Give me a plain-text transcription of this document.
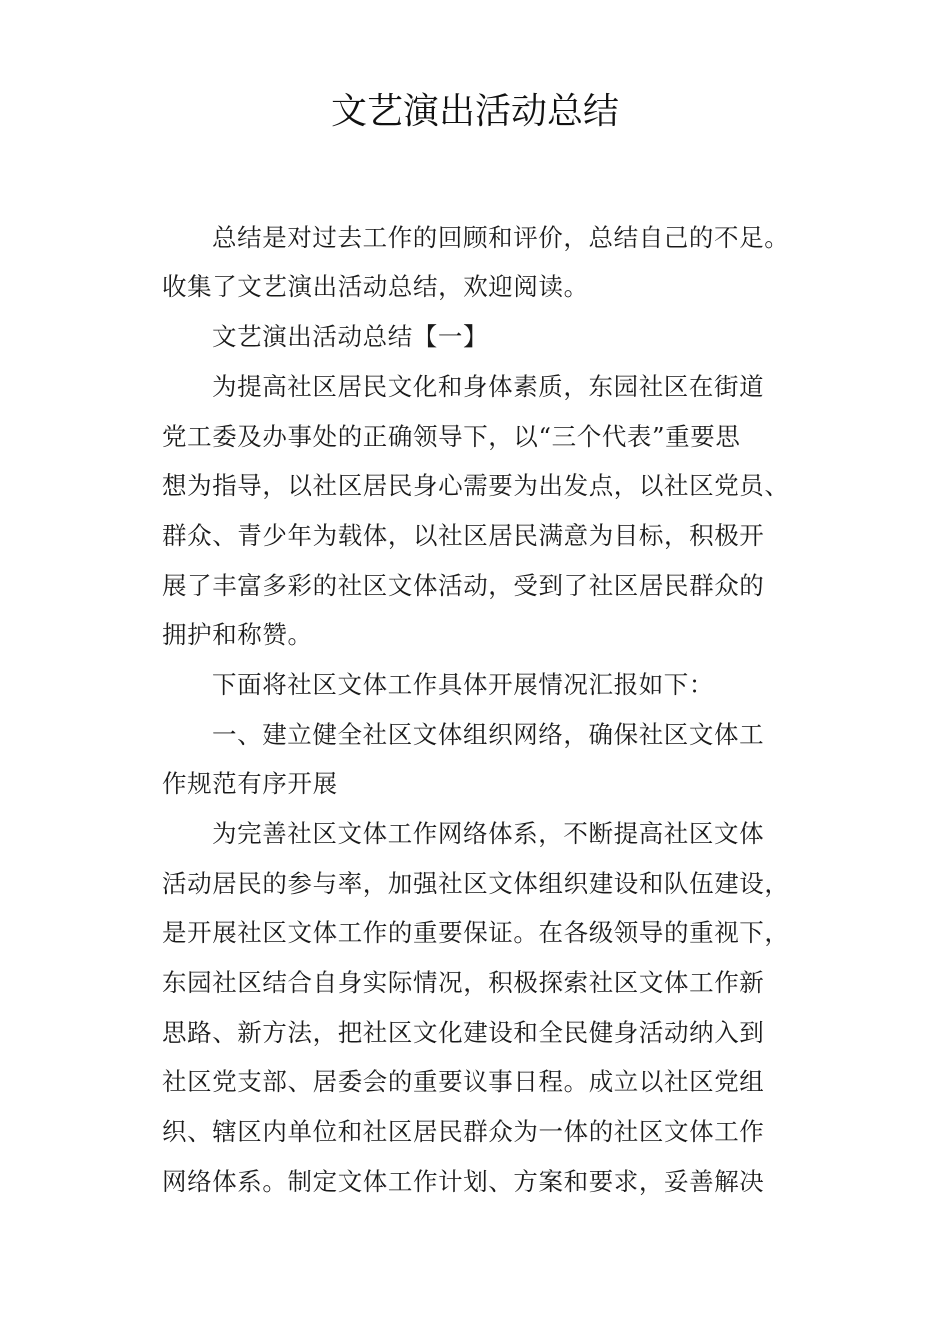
文艺演出活动总结

总结是对过去工作的回顾和评价，总结自己的不足。

收集了文艺演出活动总结，欢迎阅读。

文艺演出活动总结【一】

为提高社区居民文化和身体素质，东园社区在街道

党工委及办事处的正确领导下，以“三个代表”重要思

想为指导，以社区居民身心需要为出发点，以社区党员、

群众、青少年为载体，以社区居民满意为目标，积极开

展了丰富多彩的社区文体活动，受到了社区居民群众的

拥护和称赞。

下面将社区文体工作具体开展情况汇报如下：

一、建立健全社区文体组织网络，确保社区文体工

作规范有序开展

为完善社区文体工作网络体系，不断提高社区文体

活动居民的参与率，加强社区文体组织建设和队伍建设，

是开展社区文体工作的重要保证。在各级领导的重视下，

东园社区结合自身实际情况，积极探索社区文体工作新

思路、新方法，把社区文化建设和全民健身活动纳入到

社区党支部、居委会的重要议事日程。成立以社区党组

织、辖区内单位和社区居民群众为一体的社区文体工作

网络体系。制定文体工作计划、方案和要求，妥善解决
